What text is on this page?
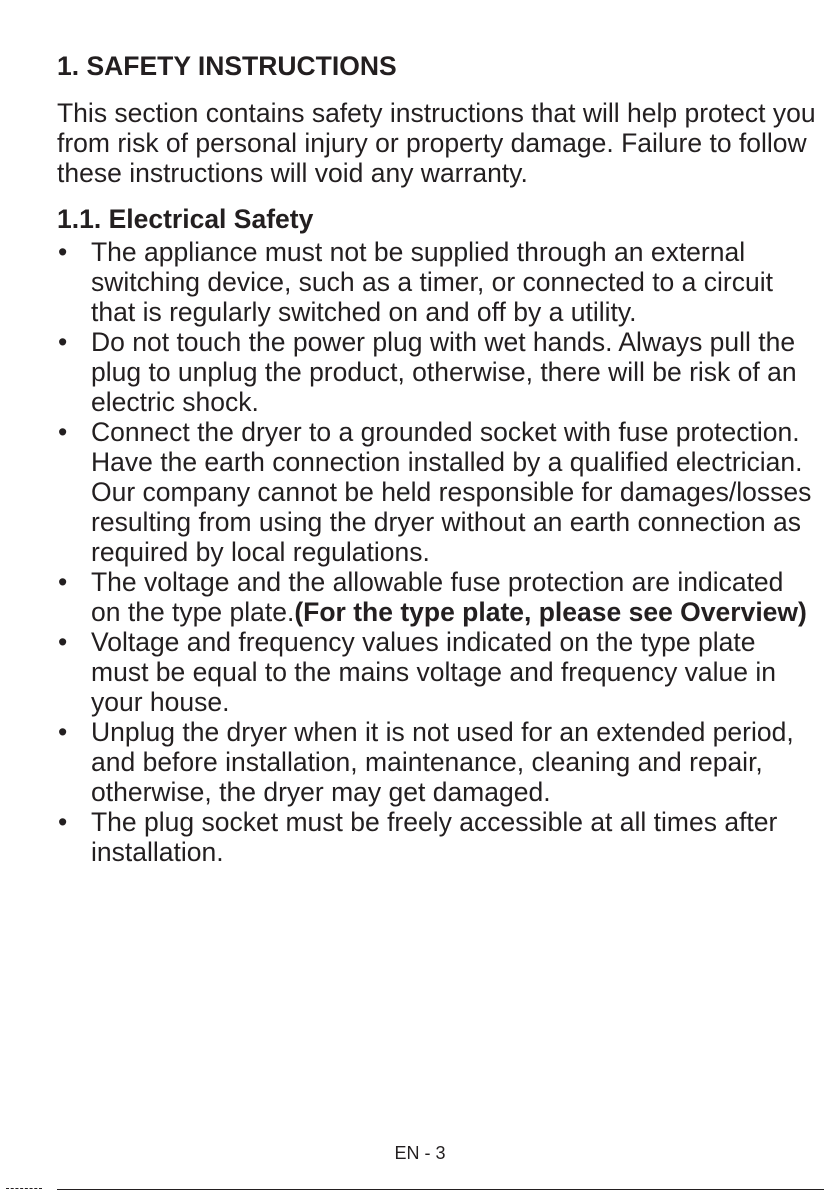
1. SAFETY INSTRUCTIONS
This section contains safety instructions that will help protect you from risk of personal injury or property damage. Failure to follow these instructions will void any warranty.
1.1. Electrical Safety
• The appliance must not be supplied through an external switching device, such as a timer, or connected to a circuit that is regularly switched on and off by a utility.
• Do not touch the power plug with wet hands. Always pull the plug to unplug the product, otherwise, there will be risk of an electric shock.
• Connect the dryer to a grounded socket with fuse protection. Have the earth connection installed by a qualified electrician. Our company cannot be held responsible for damages/losses resulting from using the dryer without an earth connection as required by local regulations.
• The voltage and the allowable fuse protection are indicated on the type plate.(For the type plate, please see Overview)
• Voltage and frequency values indicated on the type plate must be equal to the mains voltage and frequency value in your house.
• Unplug the dryer when it is not used for an extended period, and before installation, maintenance, cleaning and repair, otherwise, the dryer may get damaged.
• The plug socket must be freely accessible at all times after installation.
EN - 3
